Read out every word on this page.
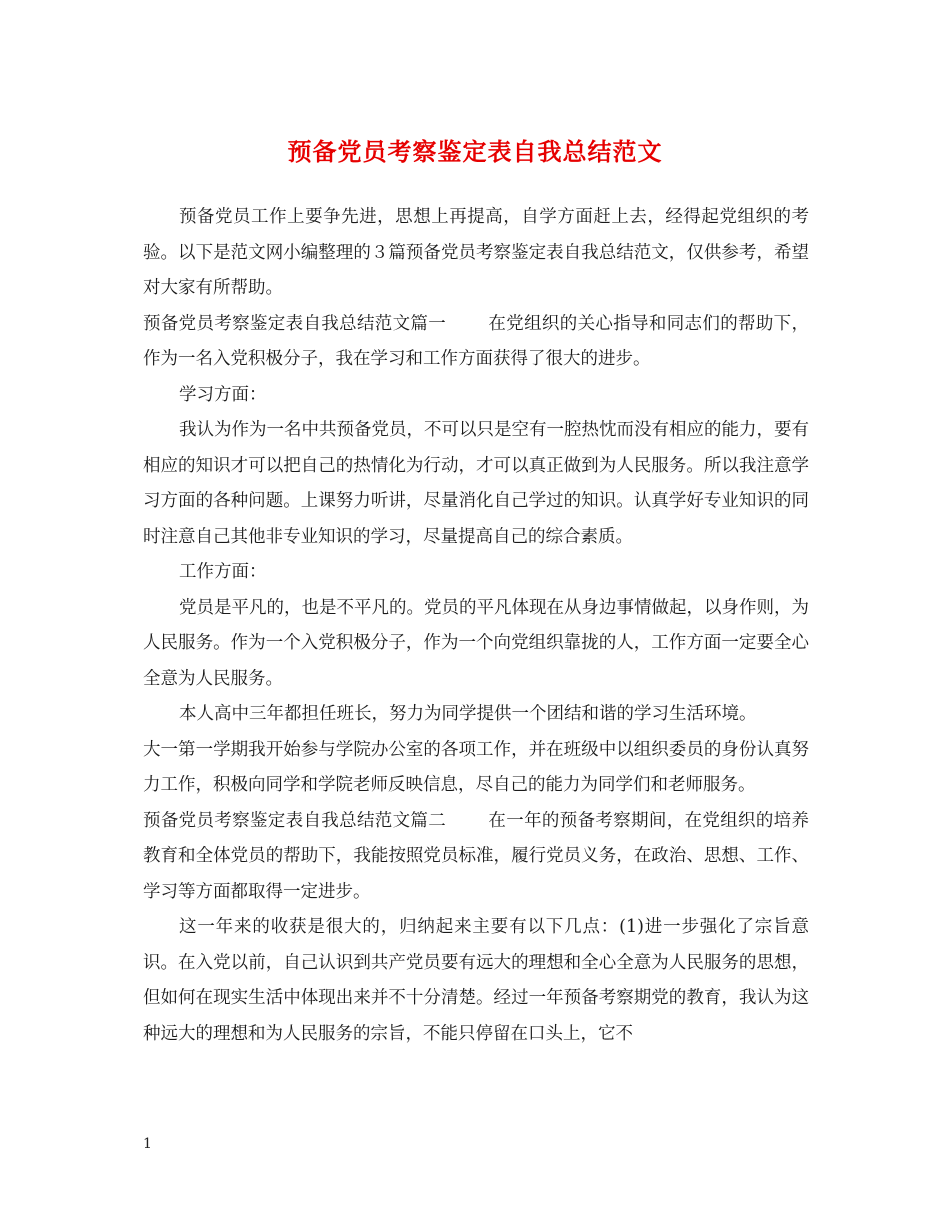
预备党员考察鉴定表自我总结范文

预备党员工作上要争先进，思想上再提高，自学方面赶上去，经得起党组织的考验。以下是范文网小编整理的３篇预备党员考察鉴定表自我总结范文，仅供参考，希望对大家有所帮助。

预备党员考察鉴定表自我总结范文篇一 在党组织的关心指导和同志们的帮助下，作为一名入党积极分子，我在学习和工作方面获得了很大的进步。

学习方面：

我认为作为一名中共预备党员，不可以只是空有一腔热忱而没有相应的能力，要有相应的知识才可以把自己的热情化为行动，才可以真正做到为人民服务。所以我注意学习方面的各种问题。上课努力听讲，尽量消化自己学过的知识。认真学好专业知识的同时注意自己其他非专业知识的学习，尽量提高自己的综合素质。

工作方面：

党员是平凡的，也是不平凡的。党员的平凡体现在从身边事情做起，以身作则，为人民服务。作为一个入党积极分子，作为一个向党组织靠拢的人，工作方面一定要全心全意为人民服务。

本人高中三年都担任班长，努力为同学提供一个团结和谐的学习生活环境。

大一第一学期我开始参与学院办公室的各项工作，并在班级中以组织委员的身份认真努力工作，积极向同学和学院老师反映信息，尽自己的能力为同学们和老师服务。

预备党员考察鉴定表自我总结范文篇二 在一年的预备考察期间，在党组织的培养教育和全体党员的帮助下，我能按照党员标准，履行党员义务，在政治、思想、工作、学习等方面都取得一定进步。

这一年来的收获是很大的，归纳起来主要有以下几点：(1)进一步强化了宗旨意识。在入党以前，自己认识到共产党员要有远大的理想和全心全意为人民服务的思想，但如何在现实生活中体现出来并不十分清楚。经过一年预备考察期党的教育，我认为这种远大的理想和为人民服务的宗旨，不能只停留在口头上，它不

1
